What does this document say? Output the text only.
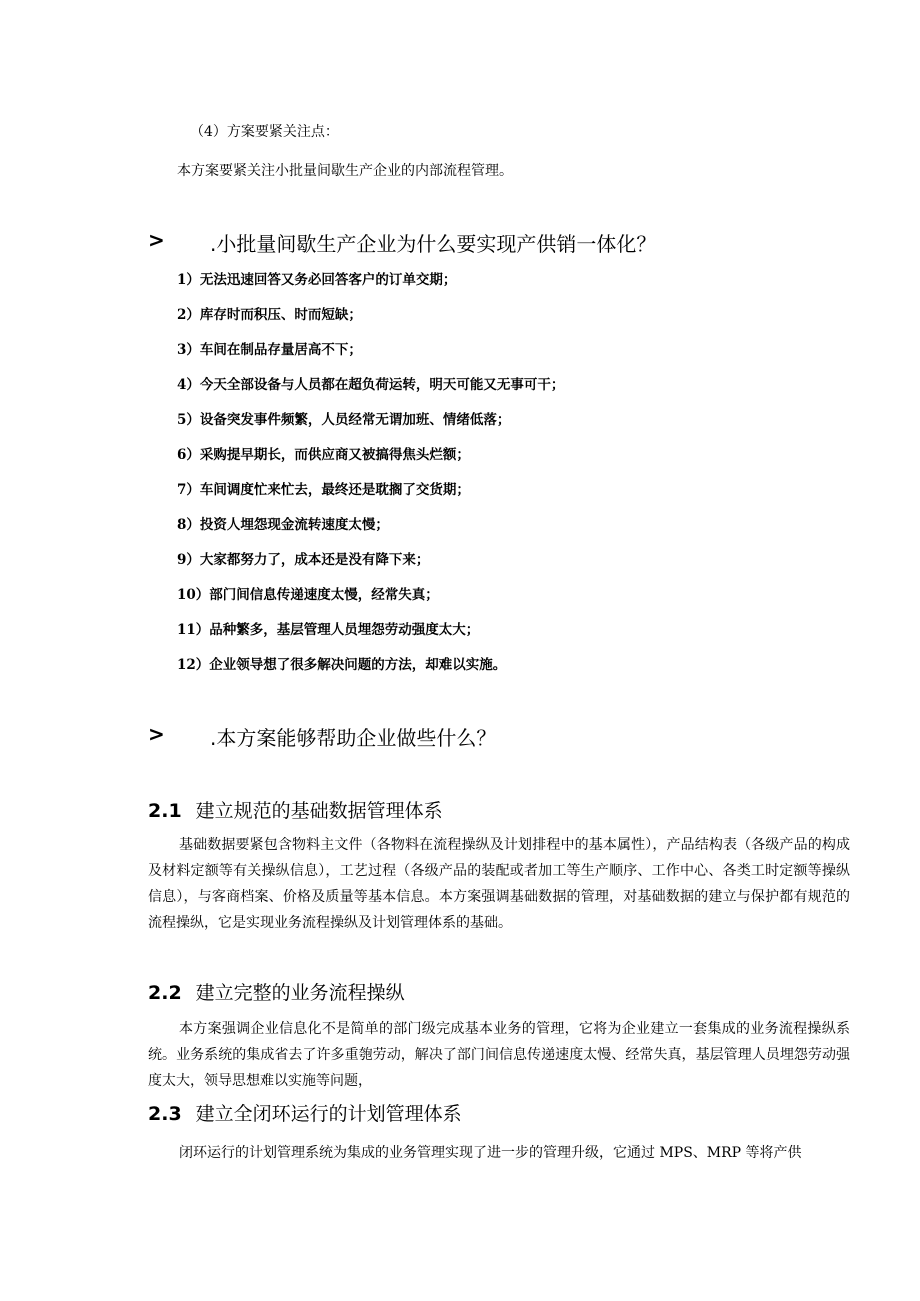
（4）方案要紧关注点：
本方案要紧关注小批量间歇生产企业的内部流程管理。
> .小批量间歇生产企业为什么要实现产供销一体化？
1）无法迅速回答又务必回答客户的订单交期；
2）库存时而积压、时而短缺；
3）车间在制品存量居高不下；
4）今天全部设备与人员都在超负荷运转，明天可能又无事可干；
5）设备突发事件频繁，人员经常无谓加班、情绪低落；
6）采购提早期长，而供应商又被搞得焦头烂额；
7）车间调度忙来忙去，最终还是耽搁了交货期；
8）投资人埋怨现金流转速度太慢；
9）大家都努力了，成本还是没有降下来；
10）部门间信息传递速度太慢，经常失真；
11）品种繁多，基层管理人员埋怨劳动强度太大；
12）企业领导想了很多解决问题的方法，却难以实施。
> .本方案能够帮助企业做些什么？
2.1 建立规范的基础数据管理体系
基础数据要紧包含物料主文件（各物料在流程操纵及计划排程中的基本属性），产品结构表（各级产品的构成及材料定额等有关操纵信息），工艺过程（各级产品的装配或者加工等生产顺序、工作中心、各类工时定额等操纵信息），与客商档案、价格及质量等基本信息。本方案强调基础数据的管理，对基础数据的建立与保护都有规范的流程操纵，它是实现业务流程操纵及计划管理体系的基础。
2.2 建立完整的业务流程操纵
本方案强调企业信息化不是简单的部门级完成基本业务的管理，它将为企业建立一套集成的业务流程操纵系统。业务系统的集成省去了许多重匏劳动，解决了部门间信息传递速度太慢、经常失真，基层管理人员埋怨劳动强度太大，领导思想难以实施等问题，
2.3 建立全闭环运行的计划管理体系
闭环运行的计划管理系统为集成的业务管理实现了进一步的管理升级，它通过 MPS、MRP 等将产供
